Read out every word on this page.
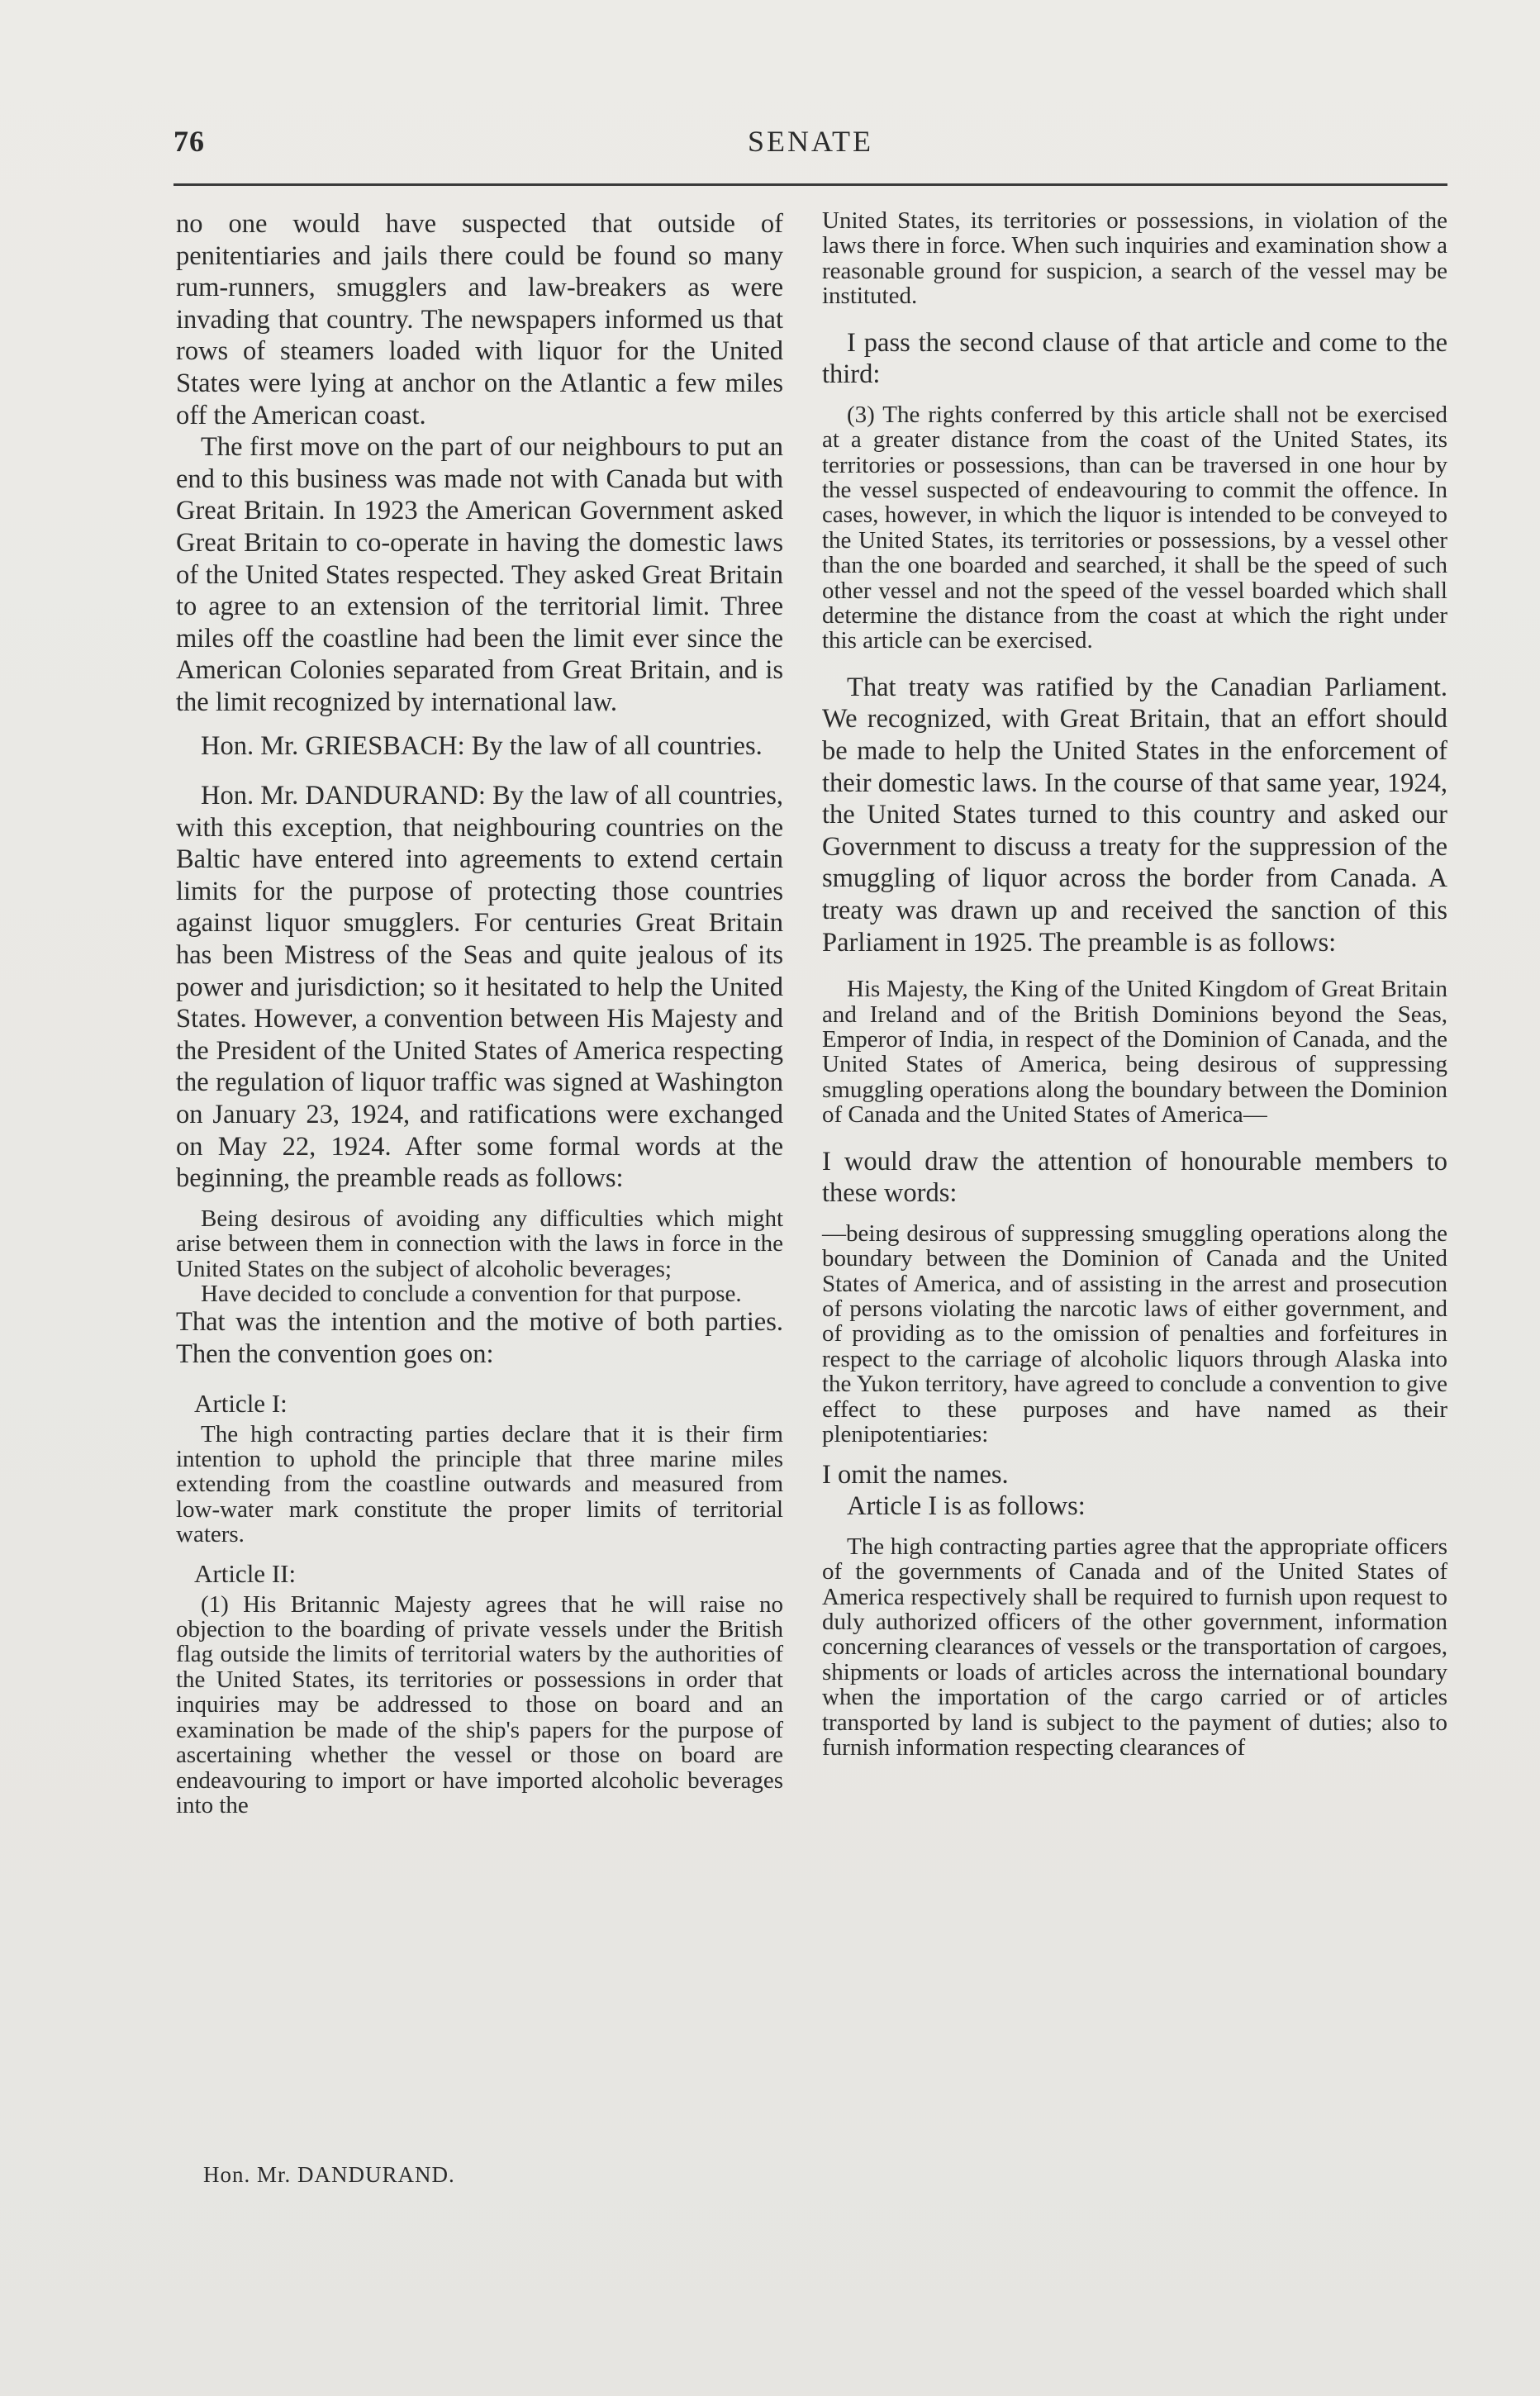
76	SENATE

no one would have suspected that outside of penitentiaries and jails there could be found so many rum-runners, smugglers and law-breakers as were invading that country. The newspapers informed us that rows of steamers loaded with liquor for the United States were lying at anchor on the Atlantic a few miles off the American coast.

The first move on the part of our neighbours to put an end to this business was made not with Canada but with Great Britain. In 1923 the American Government asked Great Britain to co-operate in having the domestic laws of the United States respected. They asked Great Britain to agree to an extension of the territorial limit. Three miles off the coastline had been the limit ever since the American Colonies separated from Great Britain, and is the limit recognized by international law.

Hon. Mr. GRIESBACH: By the law of all countries.

Hon. Mr. DANDURAND: By the law of all countries, with this exception, that neighbouring countries on the Baltic have entered into agreements to extend certain limits for the purpose of protecting those countries against liquor smugglers. For centuries Great Britain has been Mistress of the Seas and quite jealous of its power and jurisdiction; so it hesitated to help the United States. However, a convention between His Majesty and the President of the United States of America respecting the regulation of liquor traffic was signed at Washington on January 23, 1924, and ratifications were exchanged on May 22, 1924. After some formal words at the beginning, the preamble reads as follows:

Being desirous of avoiding any difficulties which might arise between them in connection with the laws in force in the United States on the subject of alcoholic beverages;

Have decided to conclude a convention for that purpose.

That was the intention and the motive of both parties. Then the convention goes on:

Article I:

The high contracting parties declare that it is their firm intention to uphold the principle that three marine miles extending from the coastline outwards and measured from low-water mark constitute the proper limits of territorial waters.

Article II:

(1) His Britannic Majesty agrees that he will raise no objection to the boarding of private vessels under the British flag outside the limits of territorial waters by the authorities of the United States, its territories or possessions in order that inquiries may be addressed to those on board and an examination be made of the ship's papers for the purpose of ascertaining whether the vessel or those on board are endeavouring to import or have imported alcoholic beverages into the

United States, its territories or possessions, in violation of the laws there in force. When such inquiries and examination show a reasonable ground for suspicion, a search of the vessel may be instituted.

I pass the second clause of that article and come to the third:

(3) The rights conferred by this article shall not be exercised at a greater distance from the coast of the United States, its territories or possessions, than can be traversed in one hour by the vessel suspected of endeavouring to commit the offence. In cases, however, in which the liquor is intended to be conveyed to the United States, its territories or possessions, by a vessel other than the one boarded and searched, it shall be the speed of such other vessel and not the speed of the vessel boarded which shall determine the distance from the coast at which the right under this article can be exercised.

That treaty was ratified by the Canadian Parliament. We recognized, with Great Britain, that an effort should be made to help the United States in the enforcement of their domestic laws. In the course of that same year, 1924, the United States turned to this country and asked our Government to discuss a treaty for the suppression of the smuggling of liquor across the border from Canada. A treaty was drawn up and received the sanction of this Parliament in 1925. The preamble is as follows:

His Majesty, the King of the United Kingdom of Great Britain and Ireland and of the British Dominions beyond the Seas, Emperor of India, in respect of the Dominion of Canada, and the United States of America, being desirous of suppressing smuggling operations along the boundary between the Dominion of Canada and the United States of America—

I would draw the attention of honourable members to these words:

—being desirous of suppressing smuggling operations along the boundary between the Dominion of Canada and the United States of America, and of assisting in the arrest and prosecution of persons violating the narcotic laws of either government, and of providing as to the omission of penalties and forfeitures in respect to the carriage of alcoholic liquors through Alaska into the Yukon territory, have agreed to conclude a convention to give effect to these purposes and have named as their plenipotentiaries:

I omit the names.

Article I is as follows:

The high contracting parties agree that the appropriate officers of the governments of Canada and of the United States of America respectively shall be required to furnish upon request to duly authorized officers of the other government, information concerning clearances of vessels or the transportation of cargoes, shipments or loads of articles across the international boundary when the importation of the cargo carried or of articles transported by land is subject to the payment of duties; also to furnish information respecting clearances of

Hon. Mr. DANDURAND.
